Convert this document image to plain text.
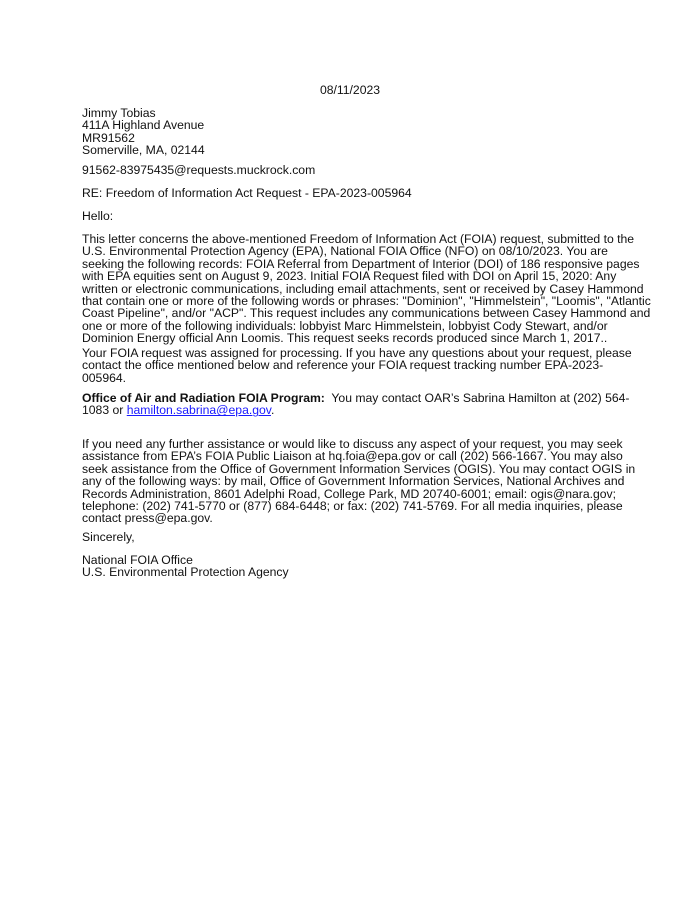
08/11/2023
Jimmy Tobias
411A Highland Avenue
MR91562
Somerville, MA, 02144
91562-83975435@requests.muckrock.com
RE: Freedom of Information Act Request - EPA-2023-005964
Hello:
This letter concerns the above-mentioned Freedom of Information Act (FOIA) request, submitted to the
U.S. Environmental Protection Agency (EPA), National FOIA Office (NFO) on 08/10/2023. You are
seeking the following records: FOIA Referral from Department of Interior (DOI) of 186 responsive pages
with EPA equities sent on August 9, 2023. Initial FOIA Request filed with DOI on April 15, 2020: Any
written or electronic communications, including email attachments, sent or received by Casey Hammond
that contain one or more of the following words or phrases: "Dominion", "Himmelstein", "Loomis", "Atlantic
Coast Pipeline", and/or "ACP". This request includes any communications between Casey Hammond and
one or more of the following individuals: lobbyist Marc Himmelstein, lobbyist Cody Stewart, and/or
Dominion Energy official Ann Loomis. This request seeks records produced since March 1, 2017..
Your FOIA request was assigned for processing. If you have any questions about your request, please
contact the office mentioned below and reference your FOIA request tracking number EPA-2023-
005964.
Office of Air and Radiation FOIA Program:  You may contact OAR’s Sabrina Hamilton at (202) 564-
1083 or hamilton.sabrina@epa.gov.
If you need any further assistance or would like to discuss any aspect of your request, you may seek
assistance from EPA’s FOIA Public Liaison at hq.foia@epa.gov or call (202) 566-1667. You may also
seek assistance from the Office of Government Information Services (OGIS). You may contact OGIS in
any of the following ways: by mail, Office of Government Information Services, National Archives and
Records Administration, 8601 Adelphi Road, College Park, MD 20740-6001; email: ogis@nara.gov;
telephone: (202) 741-5770 or (877) 684-6448; or fax: (202) 741-5769. For all media inquiries, please
contact press@epa.gov.
Sincerely,
National FOIA Office
U.S. Environmental Protection Agency
